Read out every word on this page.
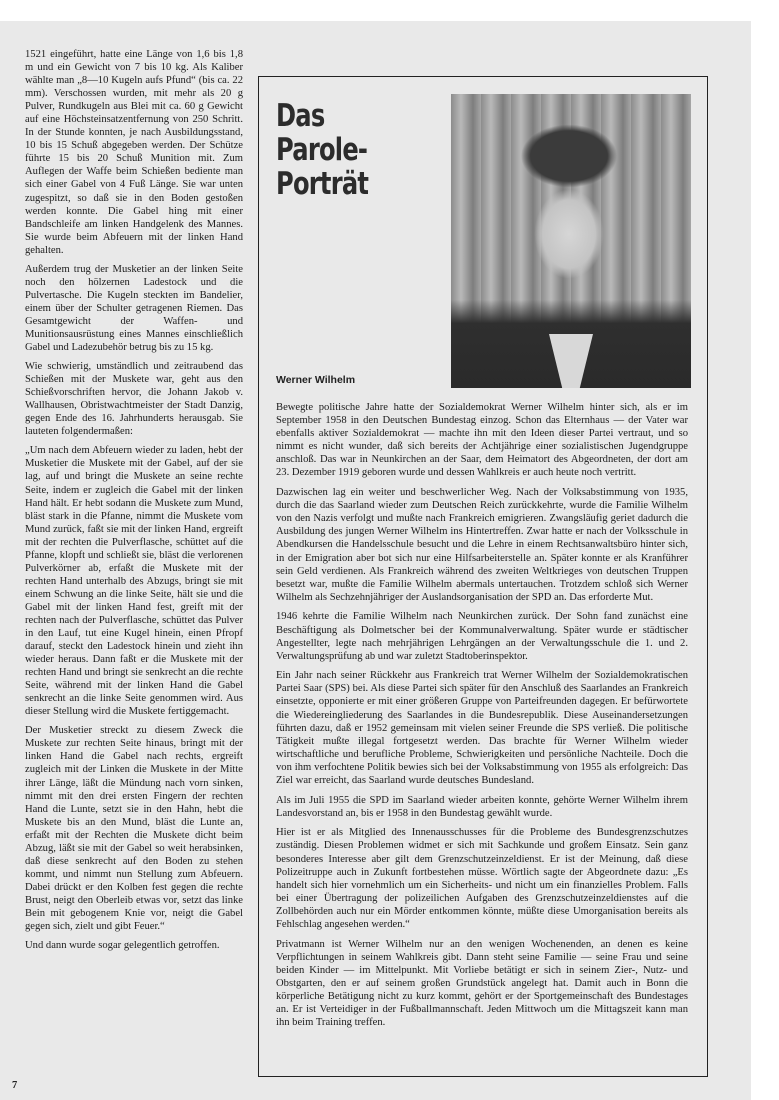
1521 eingeführt, hatte eine Länge von 1,6 bis 1,8 m und ein Gewicht von 7 bis 10 kg. Als Kaliber wählte man „8—10 Kugeln aufs Pfund“ (bis ca. 22 mm). Verschossen wurden, mit mehr als 20 g Pulver, Rundkugeln aus Blei mit ca. 60 g Gewicht auf eine Höchsteinsatzentfernung von 250 Schritt. In der Stunde konnten, je nach Ausbildungsstand, 10 bis 15 Schuß abgegeben werden. Der Schütze führte 15 bis 20 Schuß Munition mit. Zum Auflegen der Waffe beim Schießen bediente man sich einer Gabel von 4 Fuß Länge. Sie war unten zugespitzt, so daß sie in den Boden gestoßen werden konnte. Die Gabel hing mit einer Bandschleife am linken Handgelenk des Mannes. Sie wurde beim Abfeuern mit der linken Hand gehalten.

Außerdem trug der Musketier an der linken Seite noch den hölzernen Ladestock und die Pulvertasche. Die Kugeln steckten im Bandelier, einem über der Schulter getragenen Riemen. Das Gesamtgewicht der Waffen- und Munitionsausrüstung eines Mannes einschließlich Gabel und Ladezubehör betrug bis zu 15 kg.

Wie schwierig, umständlich und zeitraubend das Schießen mit der Muskete war, geht aus den Schießvorschriften hervor, die Johann Jakob v. Wallhausen, Obristwachtmeister der Stadt Danzig, gegen Ende des 16. Jahrhunderts herausgab. Sie lauteten folgendermaßen:

„Um nach dem Abfeuern wieder zu laden, hebt der Musketier die Muskete mit der Gabel, auf der sie lag, auf und bringt die Muskete an seine rechte Seite, indem er zugleich die Gabel mit der linken Hand hält. Er hebt sodann die Muskete zum Mund, bläst stark in die Pfanne, nimmt die Muskete vom Mund zurück, faßt sie mit der linken Hand, ergreift mit der rechten die Pulverflasche, schüttet auf die Pfanne, klopft und schließt sie, bläst die verlorenen Pulverkörner ab, erfaßt die Muskete mit der rechten Hand unterhalb des Abzugs, bringt sie mit einem Schwung an die linke Seite, hält sie und die Gabel mit der linken Hand fest, greift mit der rechten nach der Pulverflasche, schüttet das Pulver in den Lauf, tut eine Kugel hinein, einen Pfropf darauf, steckt den Ladestock hinein und zieht ihn wieder heraus. Dann faßt er die Muskete mit der rechten Hand und bringt sie senkrecht an die rechte Seite, während mit der linken Hand die Gabel senkrecht an die linke Seite genommen wird. Aus dieser Stellung wird die Muskete fertiggemacht.

Der Musketier streckt zu diesem Zweck die Muskete zur rechten Seite hinaus, bringt mit der linken Hand die Gabel nach rechts, ergreift zugleich mit der Linken die Muskete in der Mitte ihrer Länge, läßt die Mündung nach vorn sinken, nimmt mit den drei ersten Fingern der rechten Hand die Lunte, setzt sie in den Hahn, hebt die Muskete bis an den Mund, bläst die Lunte an, erfaßt mit der Rechten die Muskete dicht beim Abzug, läßt sie mit der Gabel so weit herabsinken, daß diese senkrecht auf den Boden zu stehen kommt, und nimmt nun Stellung zum Abfeuern. Dabei drückt er den Kolben fest gegen die rechte Brust, neigt den Oberleib etwas vor, setzt das linke Bein mit gebogenem Knie vor, neigt die Gabel gegen sich, zielt und gibt Feuer.“

Und dann wurde sogar gelegentlich getroffen.

7
Das
Parole-
Porträt
Werner Wilhelm

Bewegte politische Jahre hatte der Sozialdemokrat Werner Wilhelm hinter sich, als er im September 1958 in den Deutschen Bundestag einzog. Schon das Elternhaus — der Vater war ebenfalls aktiver Sozialdemokrat — machte ihn mit den Ideen dieser Partei vertraut, und so nimmt es nicht wunder, daß sich bereits der Achtjährige einer sozialistischen Jugendgruppe anschloß. Das war in Neunkirchen an der Saar, dem Heimatort des Abgeordneten, der dort am 23. Dezember 1919 geboren wurde und dessen Wahlkreis er auch heute noch vertritt.

Dazwischen lag ein weiter und beschwerlicher Weg. Nach der Volksabstimmung von 1935, durch die das Saarland wieder zum Deutschen Reich zurückkehrte, wurde die Familie Wilhelm von den Nazis verfolgt und mußte nach Frankreich emigrieren. Zwangsläufig geriet dadurch die Ausbildung des jungen Werner Wilhelm ins Hintertreffen. Zwar hatte er nach der Volksschule in Abendkursen die Handelsschule besucht und die Lehre in einem Rechtsanwaltsbüro hinter sich, in der Emigration aber bot sich nur eine Hilfsarbeiterstelle an. Später konnte er als Kranführer sein Geld verdienen. Als Frankreich während des zweiten Weltkrieges von deutschen Truppen besetzt war, mußte die Familie Wilhelm abermals untertauchen. Trotzdem schloß sich Werner Wilhelm als Sechzehnjähriger der Auslandsorganisation der SPD an. Das erforderte Mut.

1946 kehrte die Familie Wilhelm nach Neunkirchen zurück. Der Sohn fand zunächst eine Beschäftigung als Dolmetscher bei der Kommunalverwaltung. Später wurde er städtischer Angestellter, legte nach mehrjährigen Lehrgängen an der Verwaltungsschule die 1. und 2. Verwaltungsprüfung ab und war zuletzt Stadtoberinspektor.

Ein Jahr nach seiner Rückkehr aus Frankreich trat Werner Wilhelm der Sozialdemokratischen Partei Saar (SPS) bei. Als diese Partei sich später für den Anschluß des Saarlandes an Frankreich einsetzte, opponierte er mit einer größeren Gruppe von Parteifreunden dagegen. Er befürwortete die Wiedereingliederung des Saarlandes in die Bundesrepublik. Diese Auseinandersetzungen führten dazu, daß er 1952 gemeinsam mit vielen seiner Freunde die SPS verließ. Die politische Tätigkeit mußte illegal fortgesetzt werden. Das brachte für Werner Wilhelm wieder wirtschaftliche und berufliche Probleme, Schwierigkeiten und persönliche Nachteile. Doch die von ihm verfochtene Politik bewies sich bei der Volksabstimmung von 1955 als erfolgreich: Das Ziel war erreicht, das Saarland wurde deutsches Bundesland.

Als im Juli 1955 die SPD im Saarland wieder arbeiten konnte, gehörte Werner Wilhelm ihrem Landesvorstand an, bis er 1958 in den Bundestag gewählt wurde.

Hier ist er als Mitglied des Innenausschusses für die Probleme des Bundesgrenzschutzes zuständig. Diesen Problemen widmet er sich mit Sachkunde und großem Einsatz. Sein ganz besonderes Interesse aber gilt dem Grenzschutzeinzeldienst. Er ist der Meinung, daß diese Polizeitruppe auch in Zukunft fortbestehen müsse. Wörtlich sagte der Abgeordnete dazu: „Es handelt sich hier vornehmlich um ein Sicherheits- und nicht um ein finanzielles Problem. Falls bei einer Übertragung der polizeilichen Aufgaben des Grenzschutzeinzeldienstes auf die Zollbehörden auch nur ein Mörder entkommen könnte, müßte diese Umorganisation bereits als Fehlschlag angesehen werden.“

Privatmann ist Werner Wilhelm nur an den wenigen Wochenenden, an denen es keine Verpflichtungen in seinem Wahlkreis gibt. Dann steht seine Familie — seine Frau und seine beiden Kinder — im Mittelpunkt. Mit Vorliebe betätigt er sich in seinem Zier-, Nutz- und Obstgarten, den er auf seinem großen Grundstück angelegt hat. Damit auch in Bonn die körperliche Betätigung nicht zu kurz kommt, gehört er der Sportgemeinschaft des Bundestages an. Er ist Verteidiger in der Fußballmannschaft. Jeden Mittwoch um die Mittagszeit kann man ihn beim Training treffen.
